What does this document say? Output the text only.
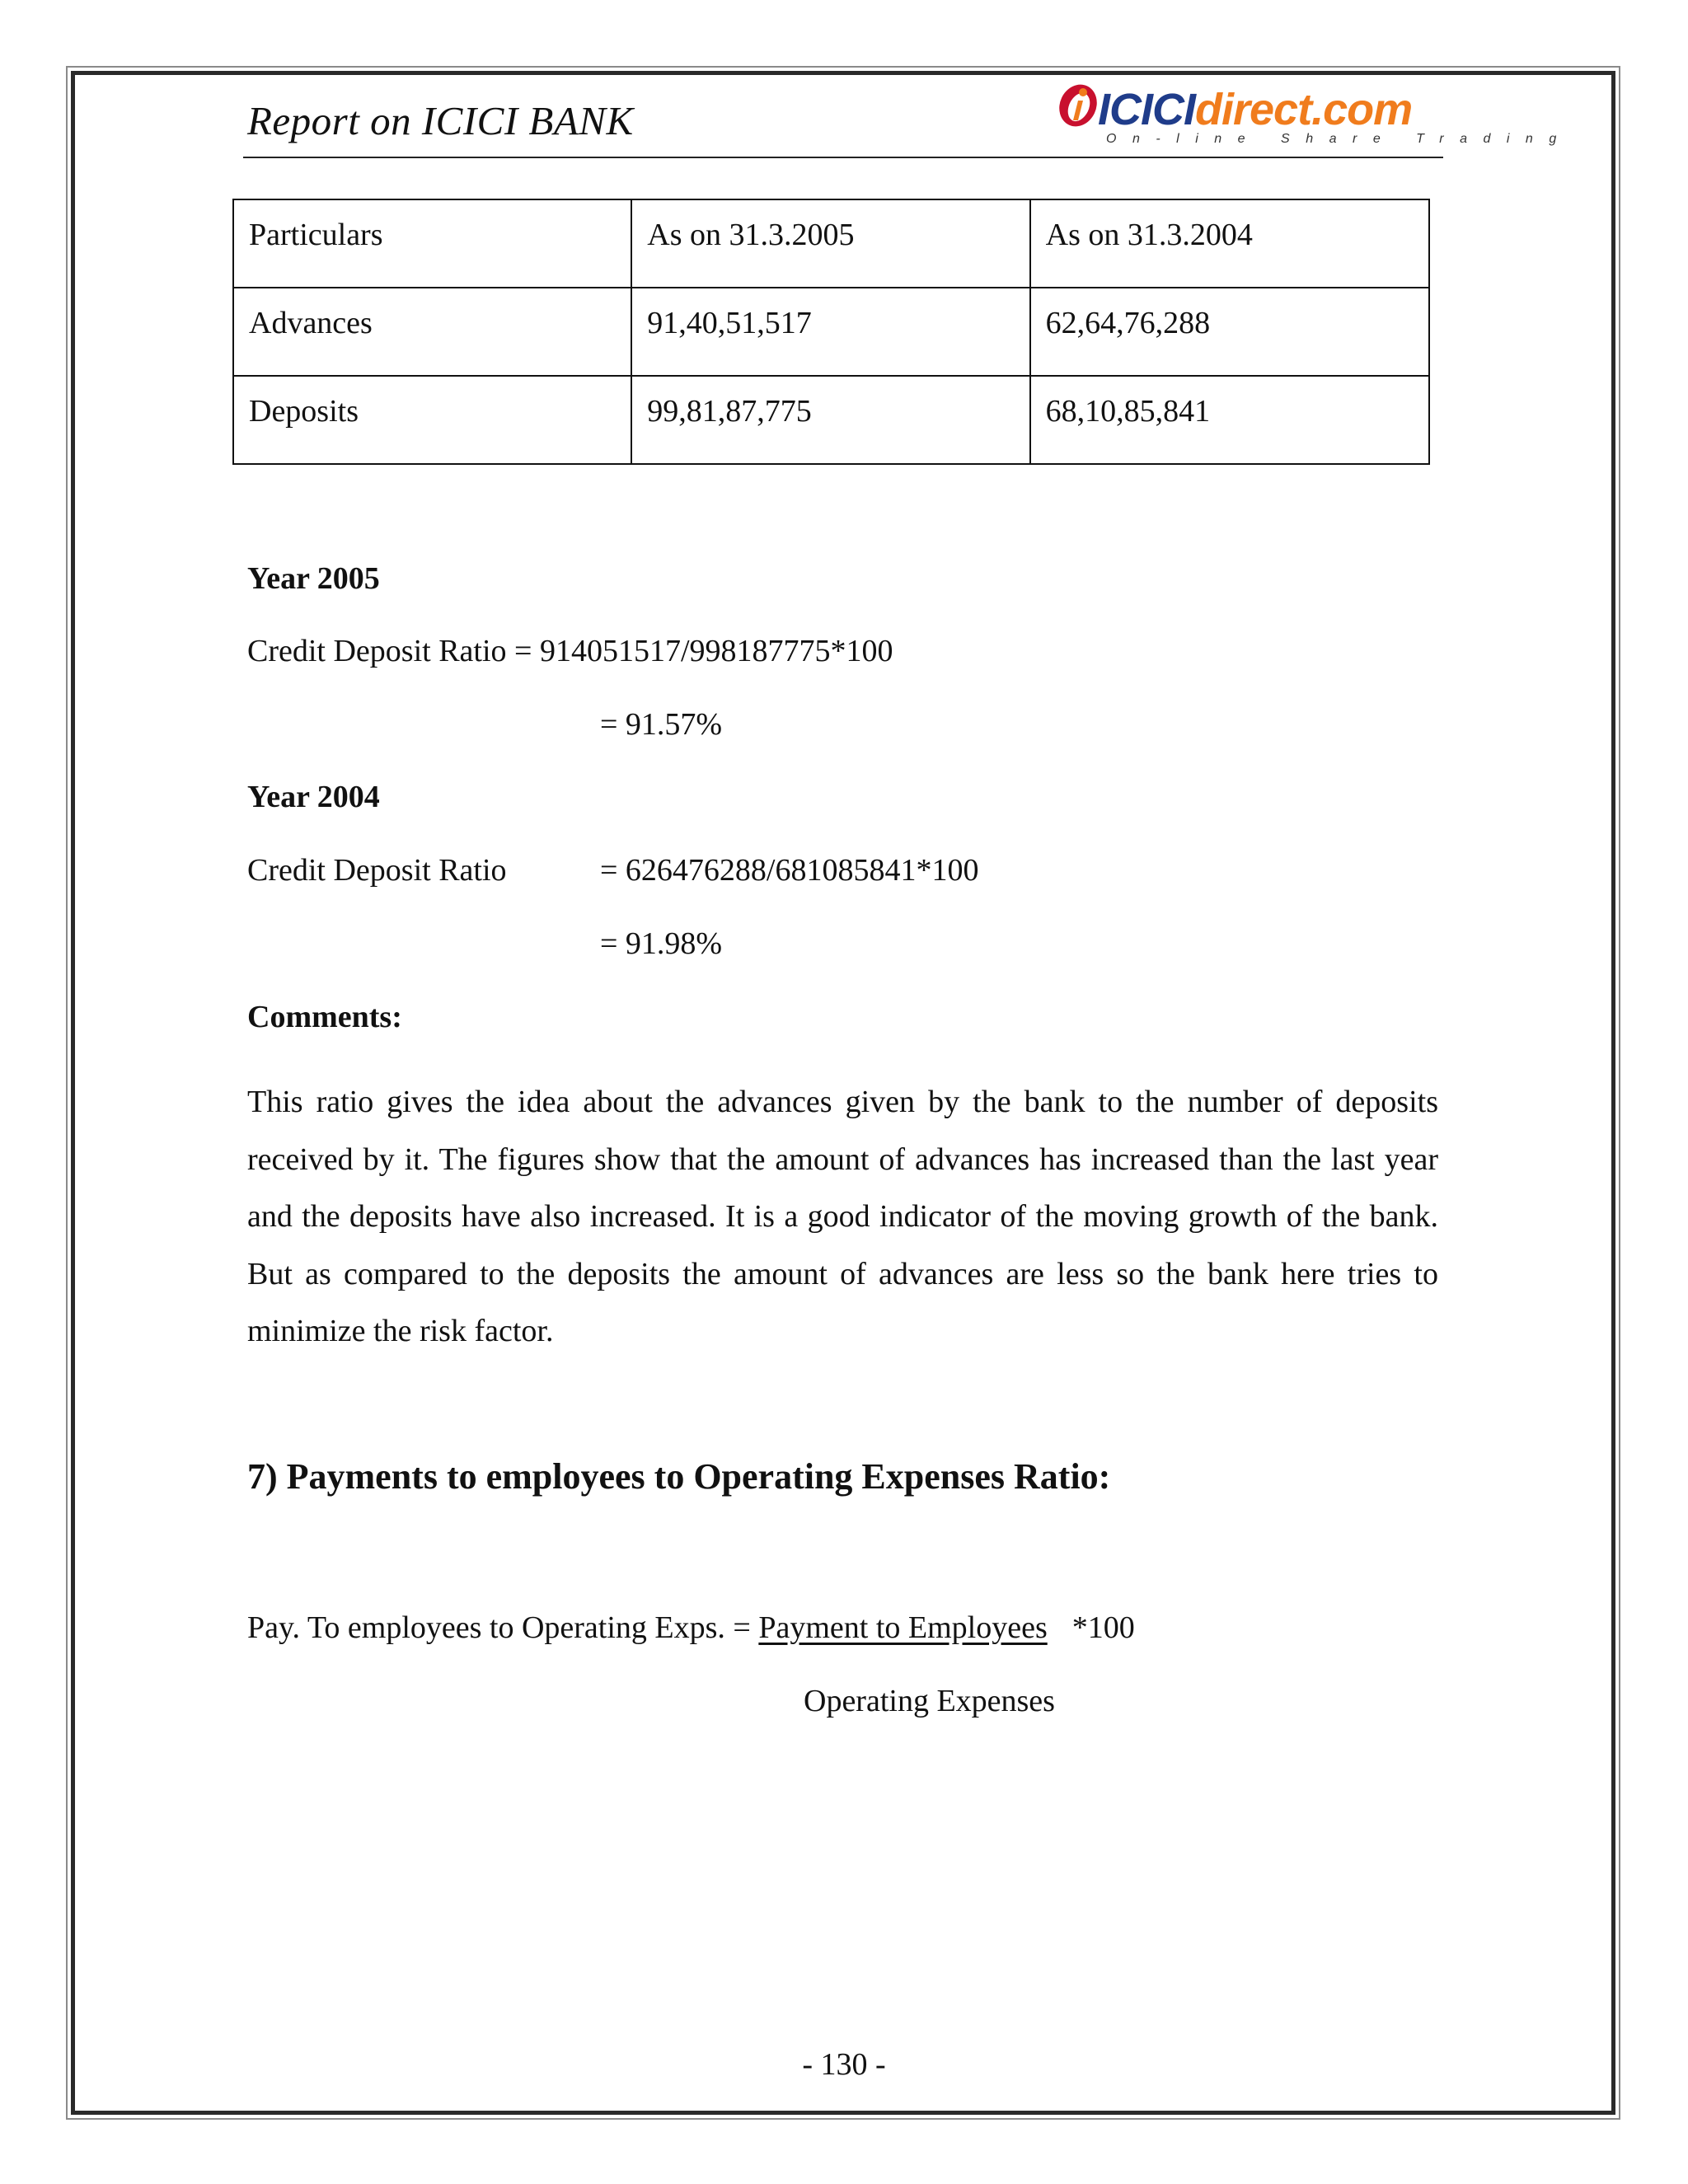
Report on ICICI BANK	ICICIdirect.com
On-line Share Trading
Particulars	As on 31.3.2005	As on 31.3.2004
Advances	91,40,51,517	62,64,76,288
Deposits	99,81,87,775	68,10,85,841
Year 2005
Credit Deposit Ratio = 914051517/998187775*100
= 91.57%
Year 2004
Credit Deposit Ratio	= 626476288/681085841*100
= 91.98%
Comments:
This ratio gives the idea about the advances given by the bank to the number of deposits received by it. The figures show that the amount of advances has increased than the last year and the deposits have also increased. It is a good indicator of the moving growth of the bank. But as compared to the deposits the amount of advances are less so the bank here tries to minimize the risk factor.
7) Payments to employees to Operating Expenses Ratio:
Pay. To employees to Operating Exps. = Payment to Employees *100
Operating Expenses
- 130 -
